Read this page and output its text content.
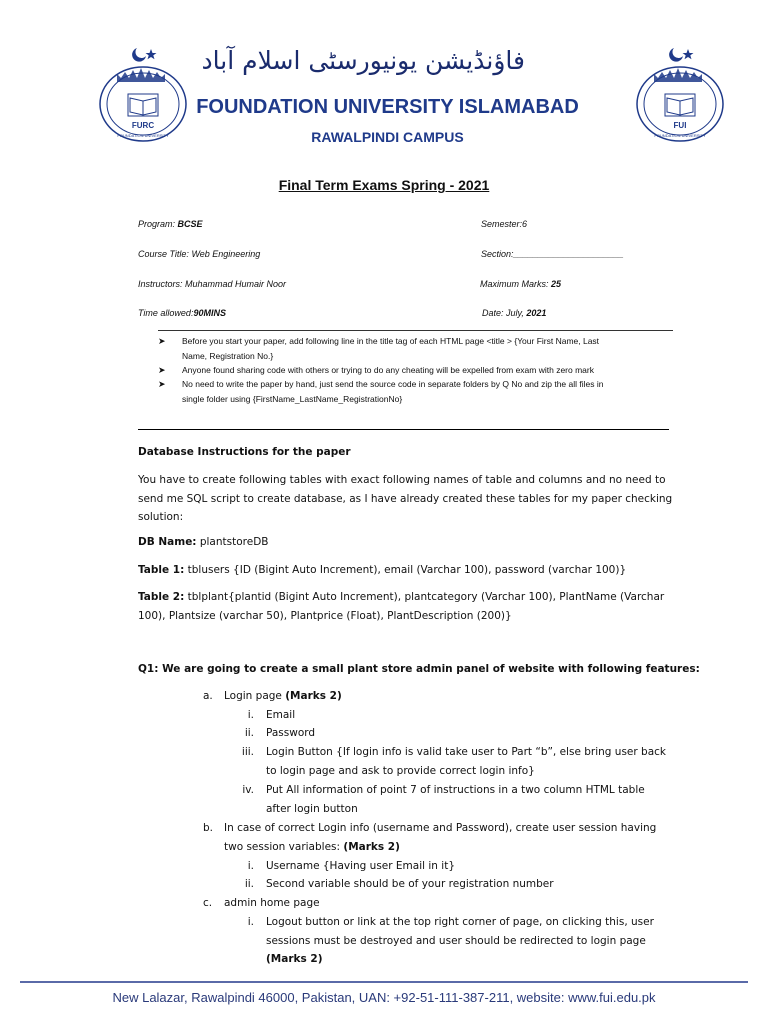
FURC
FOUNDATION UNIVERSITY
FUI
FOUNDATION UNIVERSITY
فاؤنڈیشن یونیورسٹی اسلام آباد
FOUNDATION UNIVERSITY ISLAMABAD
RAWALPINDI CAMPUS
Final Term Exams Spring - 2021
Program: BCSE	Semester:6
Course Title: Web Engineering	Section:______________________
Instructors: Muhammad Humair Noor	Maximum Marks: 25
Time allowed:90MINS	Date: July, 2021
➤ Before you start your paper, add following line in the title tag of each HTML page <title > {Your First Name, Last
Name, Registration No.}
➤ Anyone found sharing code with others or trying to do any cheating will be expelled from exam with zero mark
➤ No need to write the paper by hand, just send the source code in separate folders by Q No and zip the all files in
single folder using {FirstName_LastName_RegistrationNo}
Database Instructions for the paper
You have to create following tables with exact following names of table and columns and no need to
send me SQL script to create database, as I have already created these tables for my paper checking
solution:
DB Name: plantstoreDB
Table 1: tblusers {ID (Bigint Auto Increment), email (Varchar 100), password (varchar 100)}
Table 2: tblplant{plantid (Bigint Auto Increment), plantcategory (Varchar 100), PlantName (Varchar
100), Plantsize (varchar 50), Plantprice (Float), PlantDescription (200)}
Q1: We are going to create a small plant store admin panel of website with following features:
a. Login page (Marks 2)
i. Email
ii. Password
iii. Login Button {If login info is valid take user to Part “b”, else bring user back
to login page and ask to provide correct login info}
iv. Put All information of point 7 of instructions in a two column HTML table
after login button
b. In case of correct Login info (username and Password), create user session having
two session variables: (Marks 2)
i. Username {Having user Email in it}
ii. Second variable should be of your registration number
c. admin home page
i. Logout button or link at the top right corner of page, on clicking this, user
sessions must be destroyed and user should be redirected to login page
(Marks 2)
New Lalazar, Rawalpindi 46000, Pakistan, UAN: +92-51-111-387-211, website: www.fui.edu.pk
